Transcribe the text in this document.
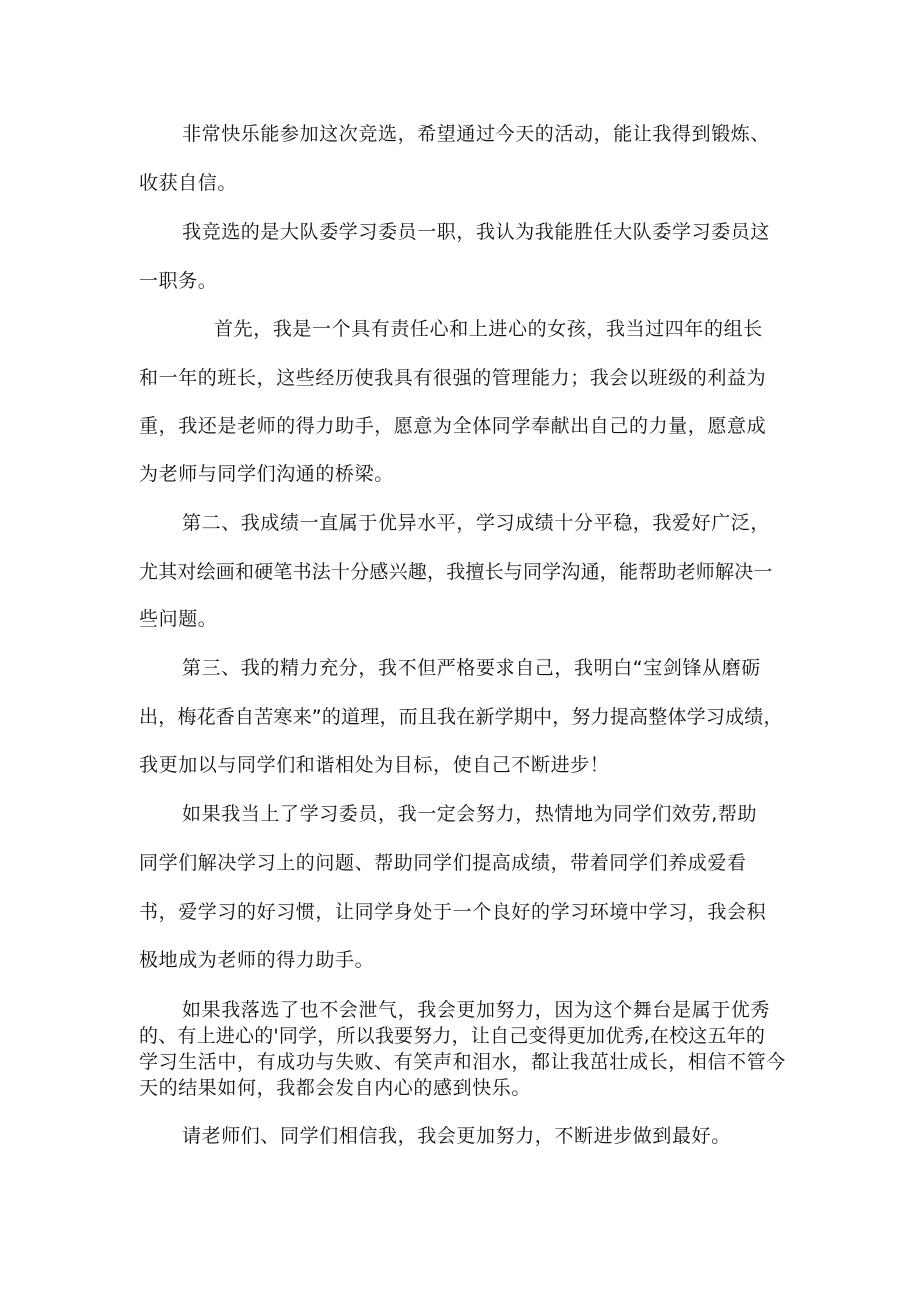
非常快乐能参加这次竞选，希望通过今天的活动，能让我得到锻炼、

收获自信。

我竞选的是大队委学习委员一职，我认为我能胜任大队委学习委员这

一职务。

首先，我是一个具有责任心和上进心的女孩，我当过四年的组长

和一年的班长，这些经历使我具有很强的管理能力；我会以班级的利益为

重，我还是老师的得力助手，愿意为全体同学奉献出自己的力量，愿意成

为老师与同学们沟通的桥梁。

第二、我成绩一直属于优异水平，学习成绩十分平稳，我爱好广泛，

尤其对绘画和硬笔书法十分感兴趣，我擅长与同学沟通，能帮助老师解决一

些问题。

第三、我的精力充分，我不但严格要求自己，我明白“宝剑锋从磨砺

出，梅花香自苦寒来”的道理，而且我在新学期中，努力提高整体学习成绩，

我更加以与同学们和谐相处为目标，使自己不断进步！

如果我当上了学习委员，我一定会努力，热情地为同学们效劳,帮助

同学们解决学习上的问题、帮助同学们提高成绩，带着同学们养成爱看

书，爱学习的好习惯，让同学身处于一个良好的学习环境中学习，我会积

极地成为老师的得力助手。

如果我落选了也不会泄气，我会更加努力，因为这个舞台是属于优秀

的、有上进心的'同学，所以我要努力，让自己变得更加优秀,在校这五年的

学习生活中，有成功与失败、有笑声和泪水，都让我茁壮成长，相信不管今

天的结果如何，我都会发自内心的感到快乐。

请老师们、同学们相信我，我会更加努力，不断进步做到最好。
